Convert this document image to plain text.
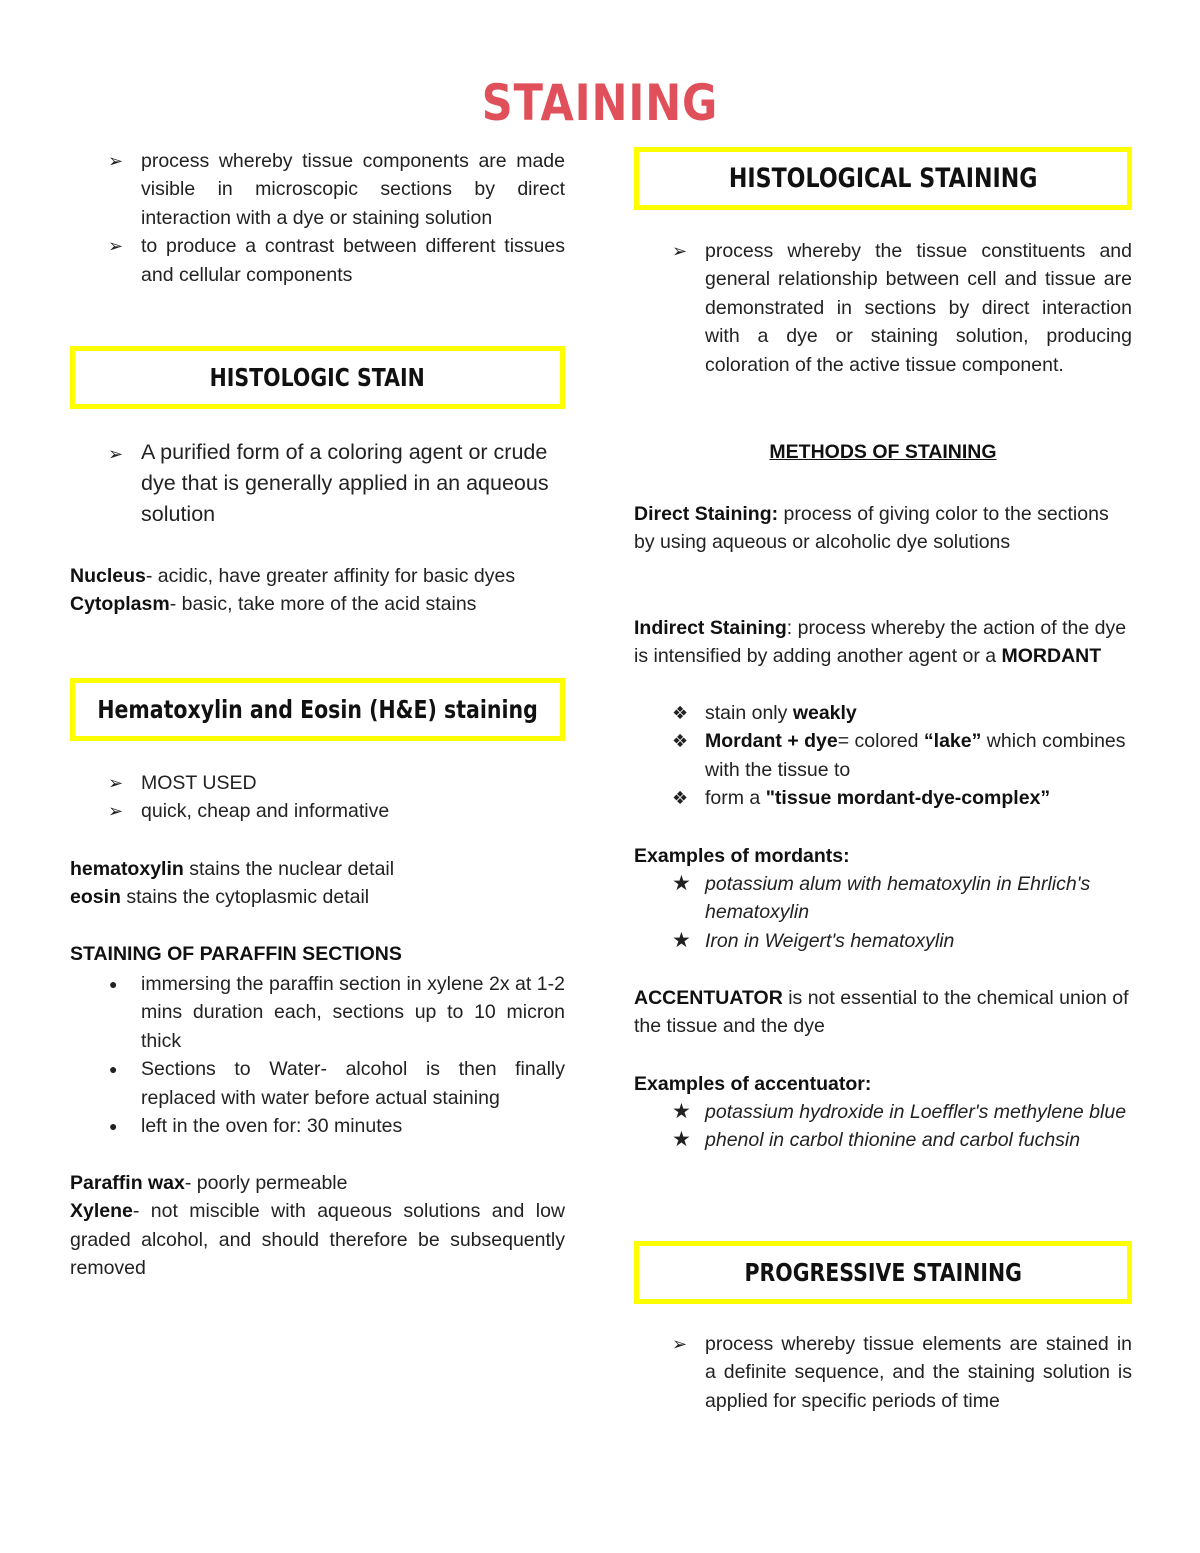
STAINING
➢ process whereby tissue components are made visible in microscopic sections by direct interaction with a dye or staining solution
➢ to produce a contrast between different tissues and cellular components
HISTOLOGIC STAIN
➢ A purified form of a coloring agent or crude dye that is generally applied in an aqueous solution
Nucleus- acidic, have greater affinity for basic dyes
Cytoplasm- basic, take more of the acid stains
Hematoxylin and Eosin (H&E) staining
➢ MOST USED
➢ quick, cheap and informative
hematoxylin stains the nuclear detail
eosin stains the cytoplasmic detail
STAINING OF PARAFFIN SECTIONS
● immersing the paraffin section in xylene 2x at 1-2 mins duration each, sections up to 10 micron thick
● Sections to Water- alcohol is then finally replaced with water before actual staining
● left in the oven for: 30 minutes
Paraffin wax- poorly permeable
Xylene- not miscible with aqueous solutions and low graded alcohol, and should therefore be subsequently removed
HISTOLOGICAL STAINING
➢ process whereby the tissue constituents and general relationship between cell and tissue are demonstrated in sections by direct interaction with a dye or staining solution, producing coloration of the active tissue component.
METHODS OF STAINING
Direct Staining: process of giving color to the sections by using aqueous or alcoholic dye solutions
Indirect Staining: process whereby the action of the dye is intensified by adding another agent or a MORDANT
❖ stain only weakly
❖ Mordant + dye= colored “lake” which combines with the tissue to
❖ form a "tissue mordant-dye-complex”
Examples of mordants:
★ potassium alum with hematoxylin in Ehrlich's hematoxylin
★ Iron in Weigert's hematoxylin
ACCENTUATOR is not essential to the chemical union of the tissue and the dye
Examples of accentuator:
★ potassium hydroxide in Loeffler's methylene blue
★ phenol in carbol thionine and carbol fuchsin
PROGRESSIVE STAINING
➢ process whereby tissue elements are stained in a definite sequence, and the staining solution is applied for specific periods of time
